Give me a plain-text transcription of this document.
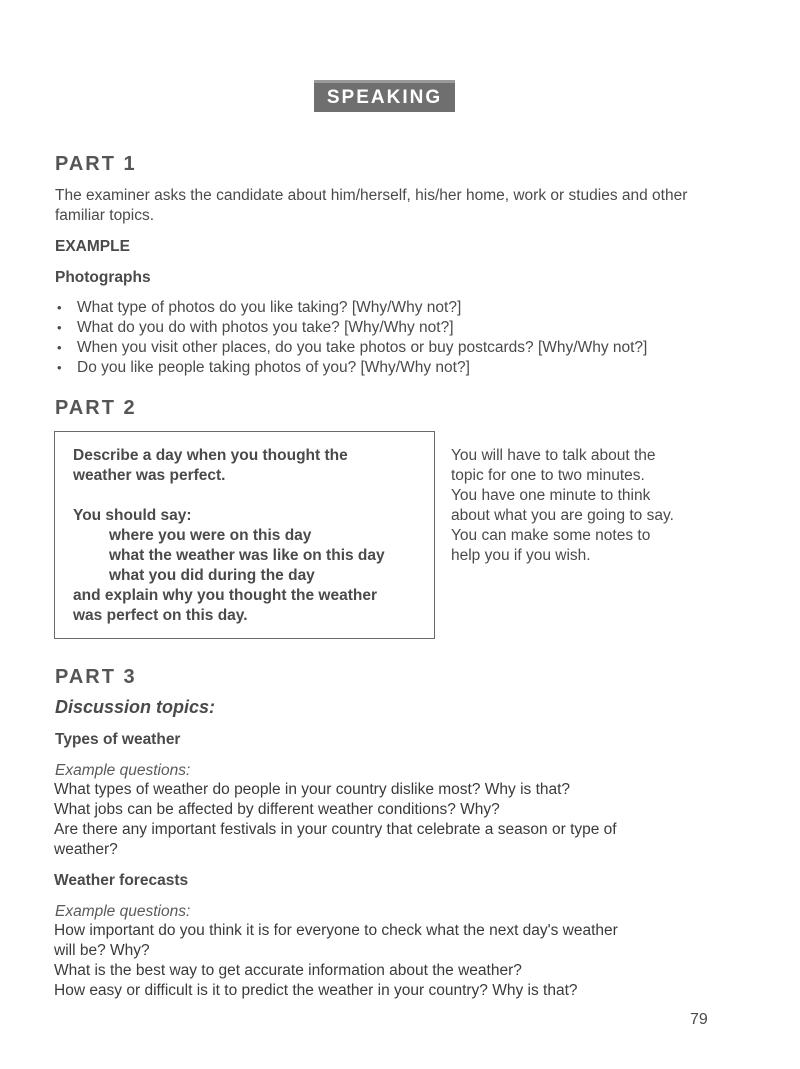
SPEAKING
PART 1
The examiner asks the candidate about him/herself, his/her home, work or studies and other familiar topics.
EXAMPLE
Photographs
• What type of photos do you like taking? [Why/Why not?]
• What do you do with photos you take? [Why/Why not?]
• When you visit other places, do you take photos or buy postcards? [Why/Why not?]
• Do you like people taking photos of you? [Why/Why not?]
PART 2
Describe a day when you thought the
weather was perfect.
You should say:
where you were on this day
what the weather was like on this day
what you did during the day
and explain why you thought the weather
was perfect on this day.
You will have to talk about the
topic for one to two minutes.
You have one minute to think
about what you are going to say.
You can make some notes to
help you if you wish.
PART 3
Discussion topics:
Types of weather
Example questions:
What types of weather do people in your country dislike most? Why is that?
What jobs can be affected by different weather conditions? Why?
Are there any important festivals in your country that celebrate a season or type of
weather?
Weather forecasts
Example questions:
How important do you think it is for everyone to check what the next day's weather
will be? Why?
What is the best way to get accurate information about the weather?
How easy or difficult is it to predict the weather in your country? Why is that?
79
